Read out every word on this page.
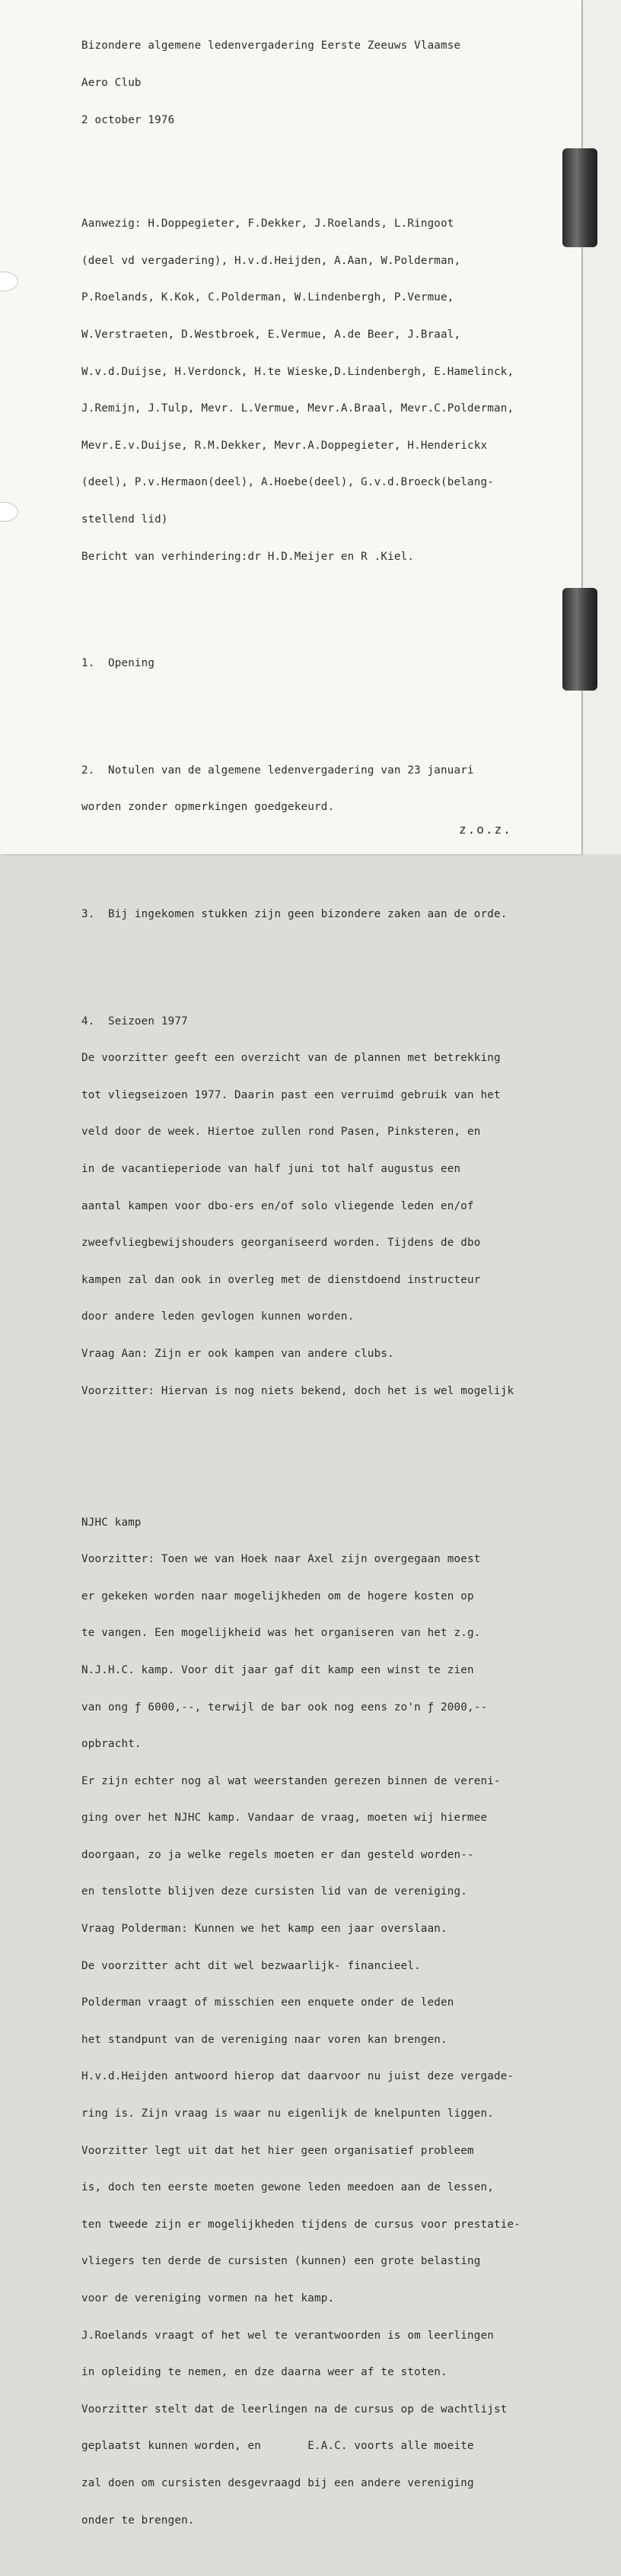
Bizondere algemene ledenvergadering Eerste Zeeuws Vlaamse

Aero Club

2 october 1976

Aanwezig: H.Doppegieter, F.Dekker, J.Roelands, L.Ringoot

(deel vd vergadering), H.v.d.Heijden, A.Aan, W.Polderman,

P.Roelands, K.Kok, C.Polderman, W.Lindenbergh, P.Vermue,

W.Verstraeten, D.Westbroek, E.Vermue, A.de Beer, J.Braal,

W.v.d.Duijse, H.Verdonck, H.te Wieske,D.Lindenbergh, E.Hamelinck,

J.Remijn, J.Tulp, Mevr. L.Vermue, Mevr.A.Braal, Mevr.C.Polderman,

Mevr.E.v.Duijse, R.M.Dekker, Mevr.A.Doppegieter, H.Henderickx

(deel), P.v.Hermaon(deel), A.Hoebe(deel), G.v.d.Broeck(belang-

stellend lid)

Bericht van verhindering:dr H.D.Meijer en R .Kiel.

1.  Opening

2.  Notulen van de algemene ledenvergadering van 23 januari

worden zonder opmerkingen goedgekeurd.

3.  Bij ingekomen stukken zijn geen bizondere zaken aan de orde.

4.  Seizoen 1977

De voorzitter geeft een overzicht van de plannen met betrekking

tot vliegseizoen 1977. Daarin past een verruimd gebruik van het

veld door de week. Hiertoe zullen rond Pasen, Pinksteren, en

in de vacantieperiode van half juni tot half augustus een

aantal kampen voor dbo-ers en/of solo vliegende leden en/of

zweefvliegbewijshouders georganiseerd worden. Tijdens de dbo

kampen zal dan ook in overleg met de dienstdoend instructeur

door andere leden gevlogen kunnen worden.

Vraag Aan: Zijn er ook kampen van andere clubs.

Voorzitter: Hiervan is nog niets bekend, doch het is wel mogelijk

NJHC kamp

Voorzitter: Toen we van Hoek naar Axel zijn overgegaan moest

er gekeken worden naar mogelijkheden om de hogere kosten op

te vangen. Een mogelijkheid was het organiseren van het z.g.

N.J.H.C. kamp. Voor dit jaar gaf dit kamp een winst te zien

van ong ƒ 6000,--, terwijl de bar ook nog eens zo'n ƒ 2000,--

opbracht.

Er zijn echter nog al wat weerstanden gerezen binnen de vereni-

ging over het NJHC kamp. Vandaar de vraag, moeten wij hiermee

doorgaan, zo ja welke regels moeten er dan gesteld worden--

en tenslotte blijven deze cursisten lid van de vereniging.

Vraag Polderman: Kunnen we het kamp een jaar overslaan.

De voorzitter acht dit wel bezwaarlijk- financieel.

Polderman vraagt of misschien een enquete onder de leden

het standpunt van de vereniging naar voren kan brengen.

H.v.d.Heijden antwoord hierop dat daarvoor nu juist deze vergade-

ring is. Zijn vraag is waar nu eigenlijk de knelpunten liggen.

Voorzitter legt uit dat het hier geen organisatief probleem

is, doch ten eerste moeten gewone leden meedoen aan de lessen,

ten tweede zijn er mogelijkheden tijdens de cursus voor prestatie-

vliegers ten derde de cursisten (kunnen) een grote belasting

voor de vereniging vormen na het kamp.

J.Roelands vraagt of het wel te verantwoorden is om leerlingen

in opleiding te nemen, en dze daarna weer af te stoten.

Voorzitter stelt dat de leerlingen na de cursus op de wachtlijst

geplaatst kunnen worden, en       E.A.C. voorts alle moeite

zal doen om cursisten desgevraagd bij een andere vereniging

onder te brengen.

z.o.z.
